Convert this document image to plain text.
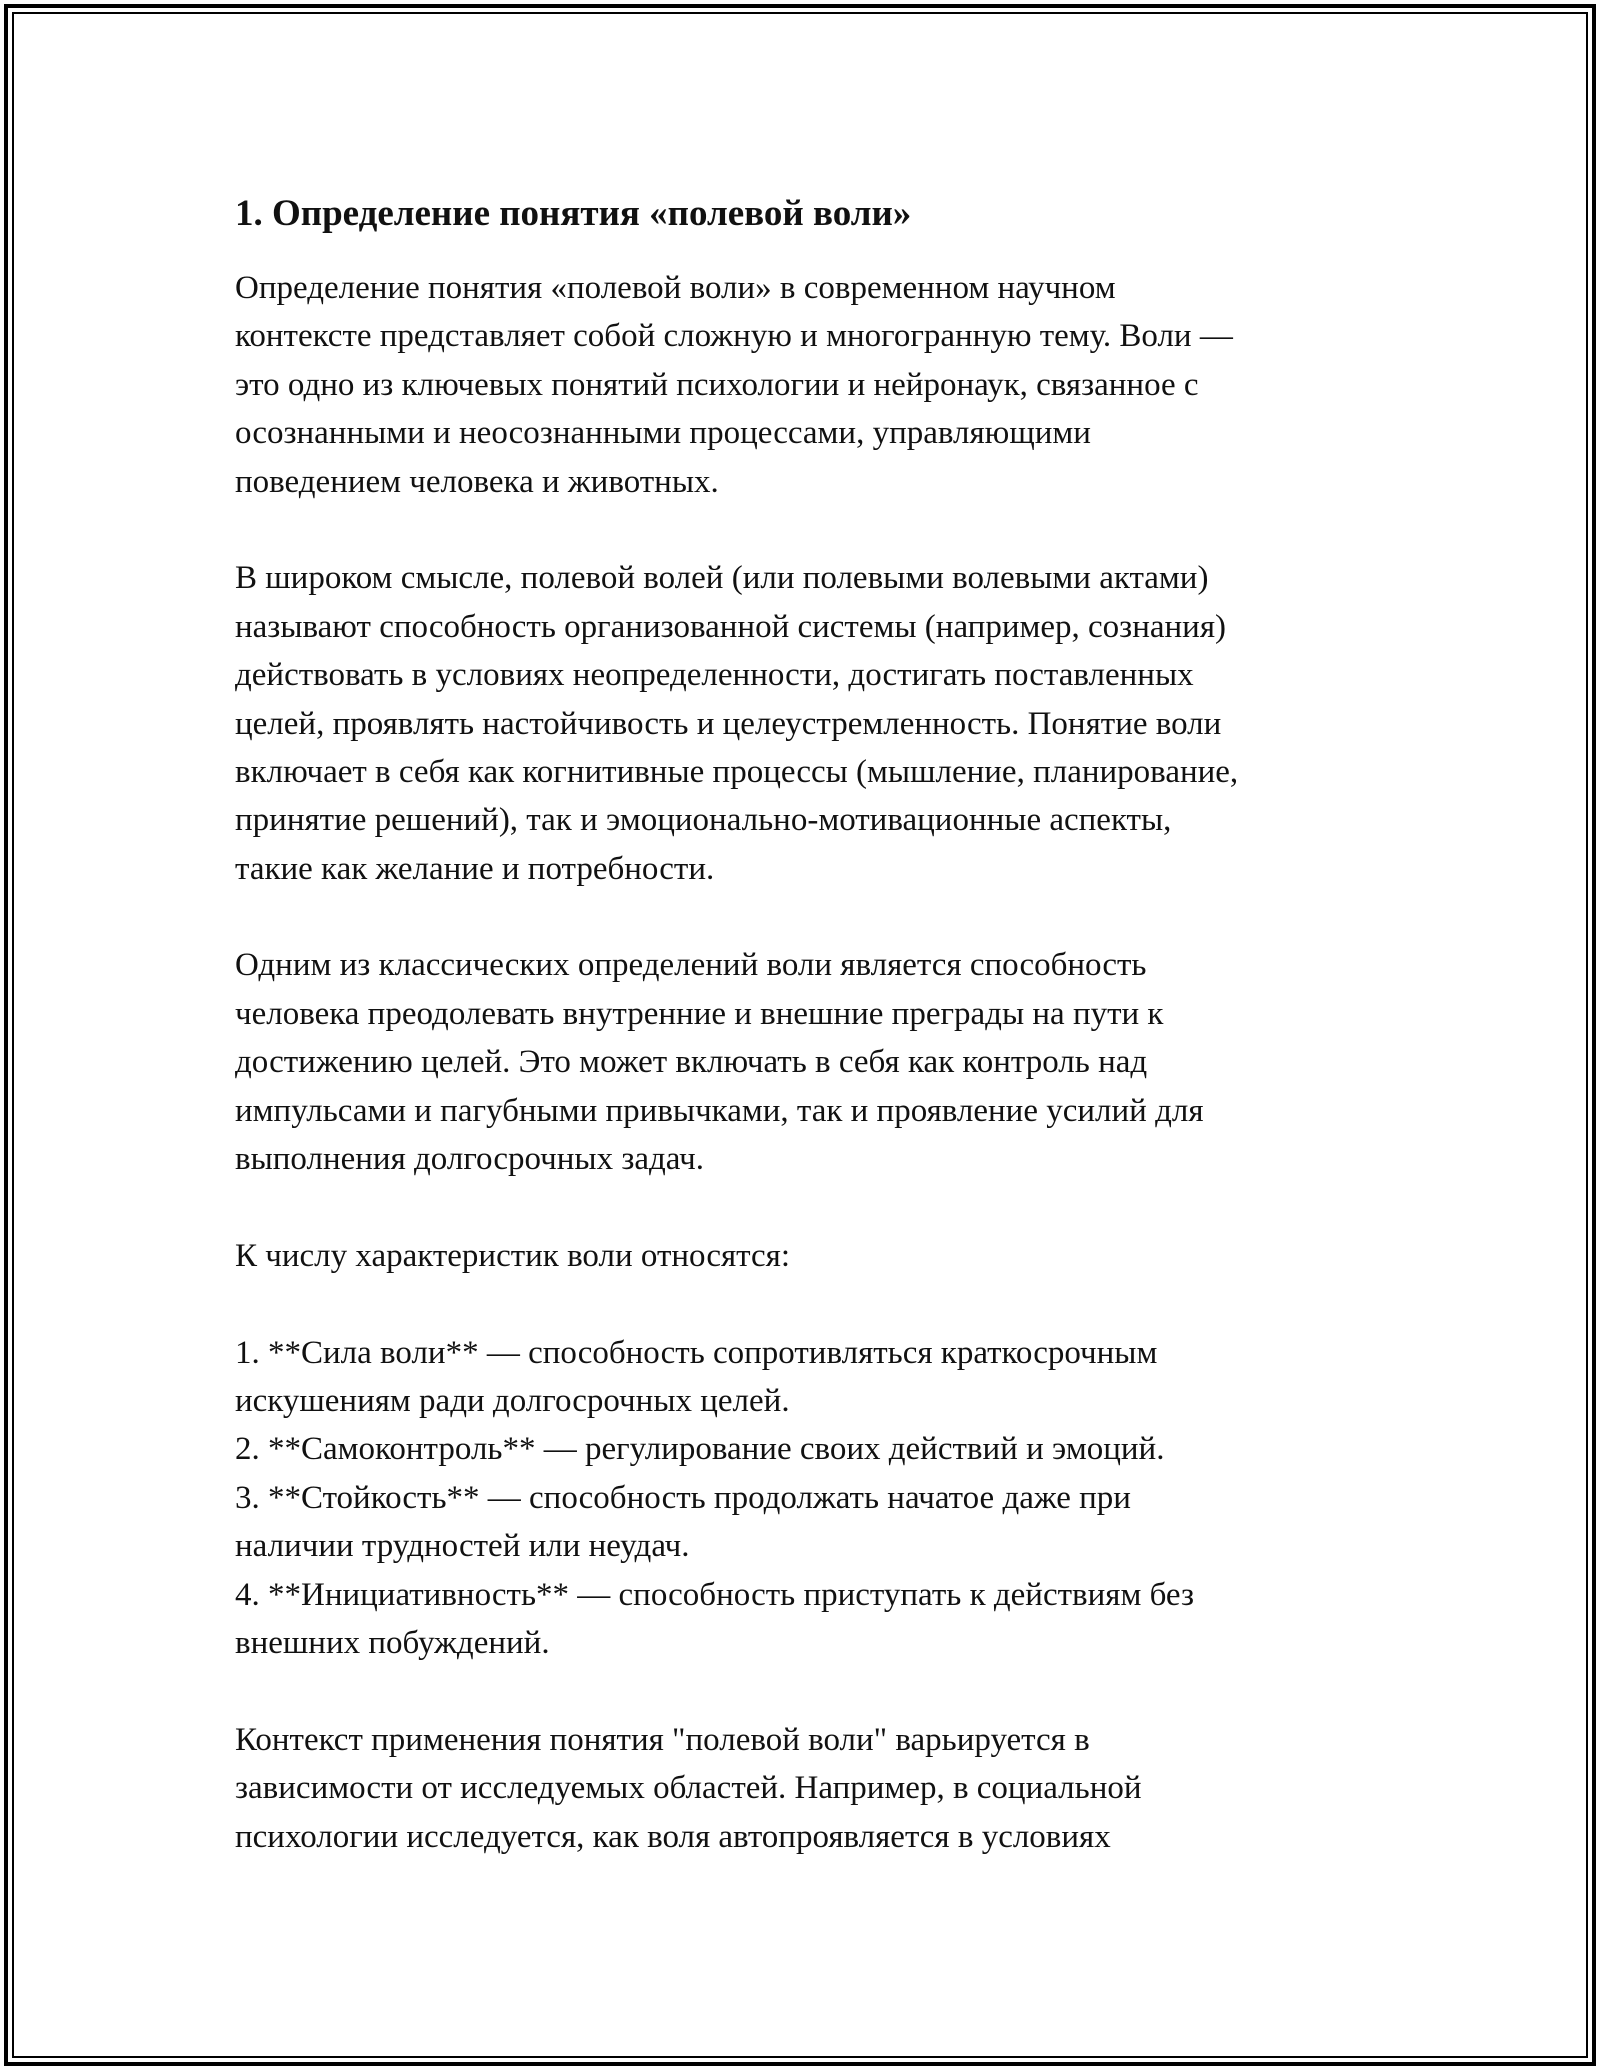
1. Определение понятия «полевой воли»
Определение понятия «полевой воли» в современном научном
контексте представляет собой сложную и многогранную тему. Воли —
это одно из ключевых понятий психологии и нейронаук, связанное с
осознанными и неосознанными процессами, управляющими
поведением человека и животных.
В широком смысле, полевой волей (или полевыми волевыми актами)
называют способность организованной системы (например, сознания)
действовать в условиях неопределенности, достигать поставленных
целей, проявлять настойчивость и целеустремленность. Понятие воли
включает в себя как когнитивные процессы (мышление, планирование,
принятие решений), так и эмоционально-мотивационные аспекты,
такие как желание и потребности.
Одним из классических определений воли является способность
человека преодолевать внутренние и внешние преграды на пути к
достижению целей. Это может включать в себя как контроль над
импульсами и пагубными привычками, так и проявление усилий для
выполнения долгосрочных задач.
К числу характеристик воли относятся:
1. **Сила воли** — способность сопротивляться краткосрочным
искушениям ради долгосрочных целей.
2. **Самоконтроль** — регулирование своих действий и эмоций.
3. **Стойкость** — способность продолжать начатое даже при
наличии трудностей или неудач.
4. **Инициативность** — способность приступать к действиям без
внешних побуждений.
Контекст применения понятия "полевой воли" варьируется в
зависимости от исследуемых областей. Например, в социальной
психологии исследуется, как воля автопроявляется в условиях
